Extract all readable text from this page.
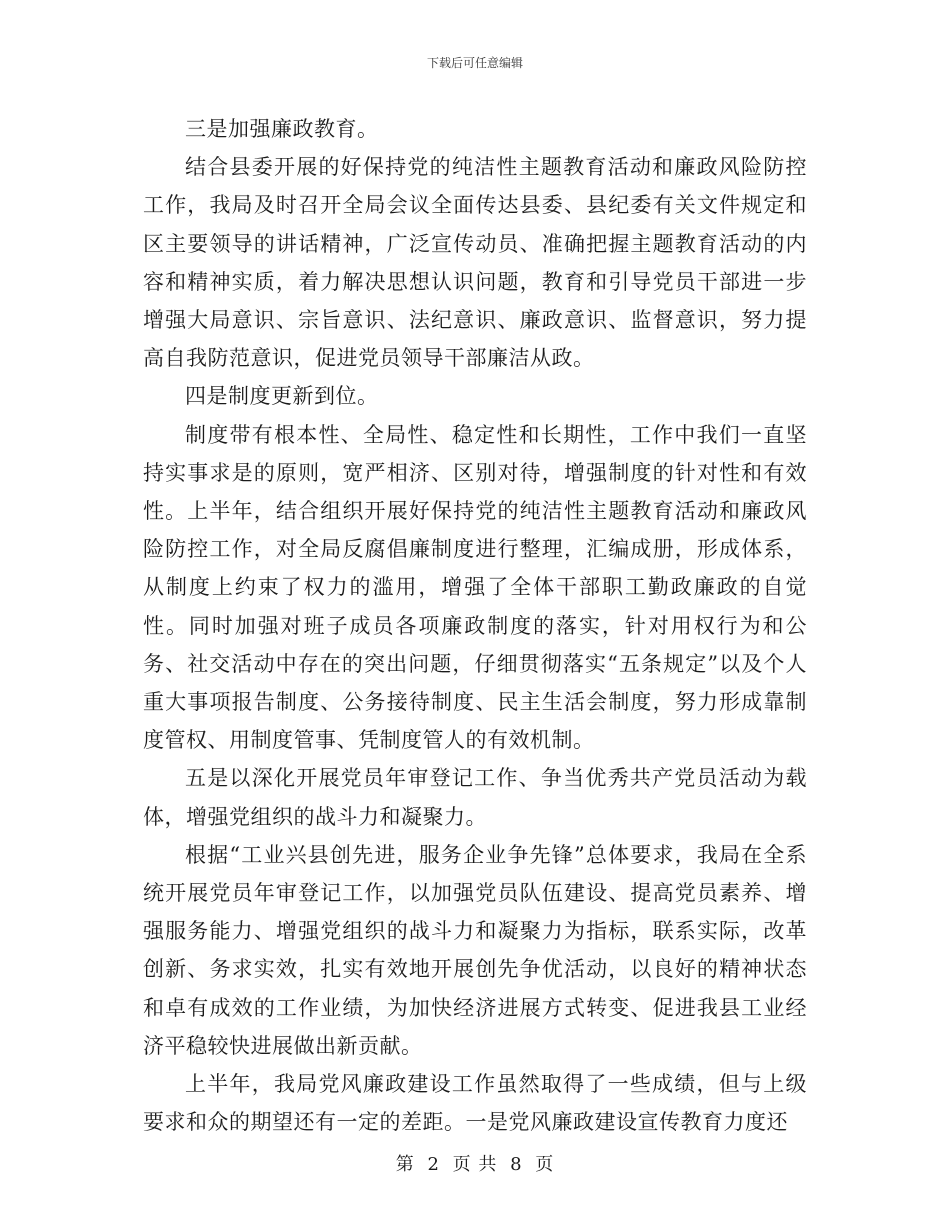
下载后可任意编辑

三是加强廉政教育。

结合县委开展的好保持党的纯洁性主题教育活动和廉政风险防控工作，我局及时召开全局会议全面传达县委、县纪委有关文件规定和区主要领导的讲话精神，广泛宣传动员、准确把握主题教育活动的内容和精神实质，着力解决思想认识问题，教育和引导党员干部进一步增强大局意识、宗旨意识、法纪意识、廉政意识、监督意识，努力提高自我防范意识，促进党员领导干部廉洁从政。

四是制度更新到位。

制度带有根本性、全局性、稳定性和长期性，工作中我们一直坚持实事求是的原则，宽严相济、区别对待，增强制度的针对性和有效性。上半年，结合组织开展好保持党的纯洁性主题教育活动和廉政风险防控工作，对全局反腐倡廉制度进行整理，汇编成册，形成体系，从制度上约束了权力的滥用，增强了全体干部职工勤政廉政的自觉性。同时加强对班子成员各项廉政制度的落实，针对用权行为和公务、社交活动中存在的突出问题，仔细贯彻落实“五条规定”以及个人重大事项报告制度、公务接待制度、民主生活会制度，努力形成靠制度管权、用制度管事、凭制度管人的有效机制。

五是以深化开展党员年审登记工作、争当优秀共产党员活动为载体，增强党组织的战斗力和凝聚力。

根据“工业兴县创先进，服务企业争先锋”总体要求，我局在全系统开展党员年审登记工作，以加强党员队伍建设、提高党员素养、增强服务能力、增强党组织的战斗力和凝聚力为指标，联系实际，改革创新、务求实效，扎实有效地开展创先争优活动，以良好的精神状态和卓有成效的工作业绩，为加快经济进展方式转变、促进我县工业经济平稳较快进展做出新贡献。

上半年，我局党风廉政建设工作虽然取得了一些成绩，但与上级要求和众的期望还有一定的差距。一是党风廉政建设宣传教育力度还

第 2 页 共 8 页
